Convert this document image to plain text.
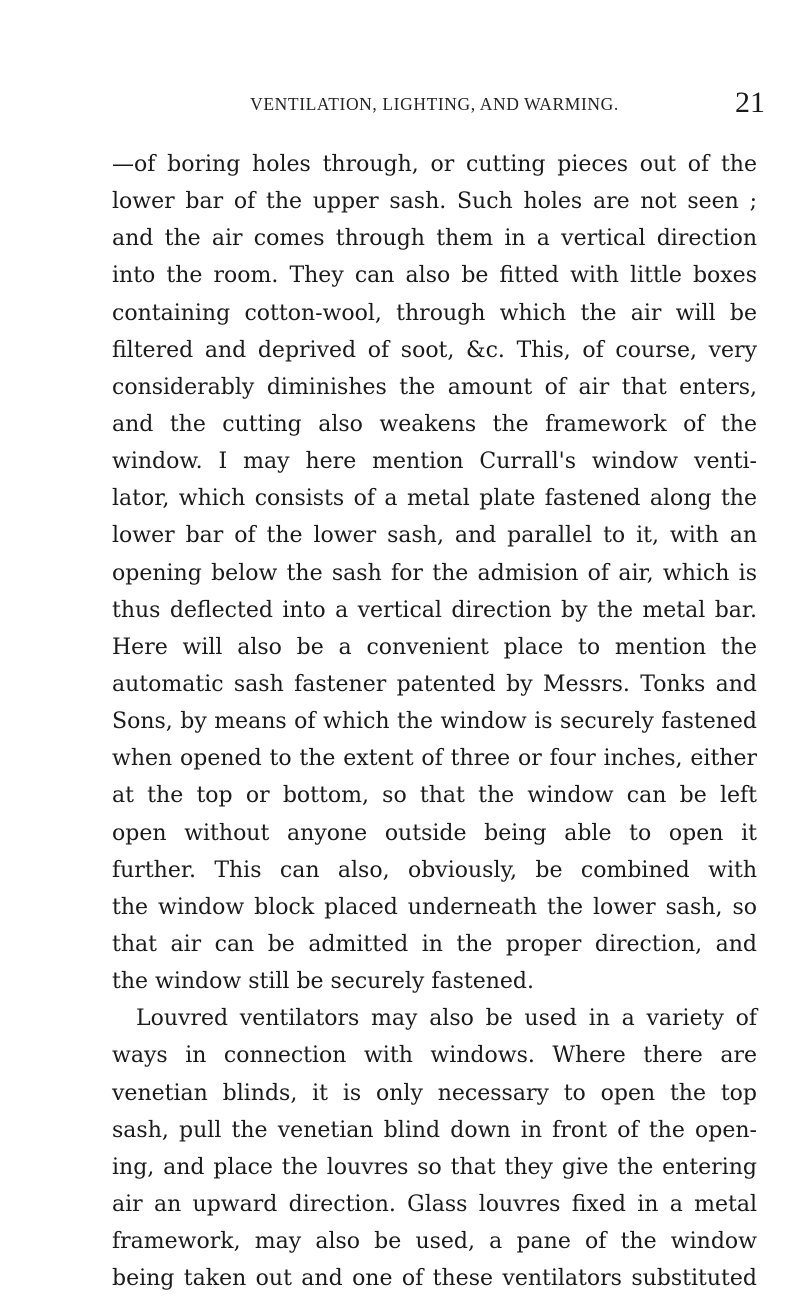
VENTILATION, LIGHTING, AND WARMING.	21
—of boring holes through, or cutting pieces out of the
lower bar of the upper sash. Such holes are not seen ;
and the air comes through them in a vertical direction
into the room. They can also be fitted with little boxes
containing cotton-wool, through which the air will be
filtered and deprived of soot, &c. This, of course, very
considerably diminishes the amount of air that enters,
and the cutting also weakens the framework of the
window. I may here mention Currall's window venti-
lator, which consists of a metal plate fastened along the
lower bar of the lower sash, and parallel to it, with an
opening below the sash for the admision of air, which is
thus deflected into a vertical direction by the metal bar.
Here will also be a convenient place to mention the
automatic sash fastener patented by Messrs. Tonks and
Sons, by means of which the window is securely fastened
when opened to the extent of three or four inches, either
at the top or bottom, so that the window can be left
open without anyone outside being able to open it
further. This can also, obviously, be combined with
the window block placed underneath the lower sash, so
that air can be admitted in the proper direction, and
the window still be securely fastened.
Louvred ventilators may also be used in a variety of
ways in connection with windows. Where there are
venetian blinds, it is only necessary to open the top
sash, pull the venetian blind down in front of the open-
ing, and place the louvres so that they give the entering
air an upward direction. Glass louvres fixed in a metal
framework, may also be used, a pane of the window
being taken out and one of these ventilators substituted
